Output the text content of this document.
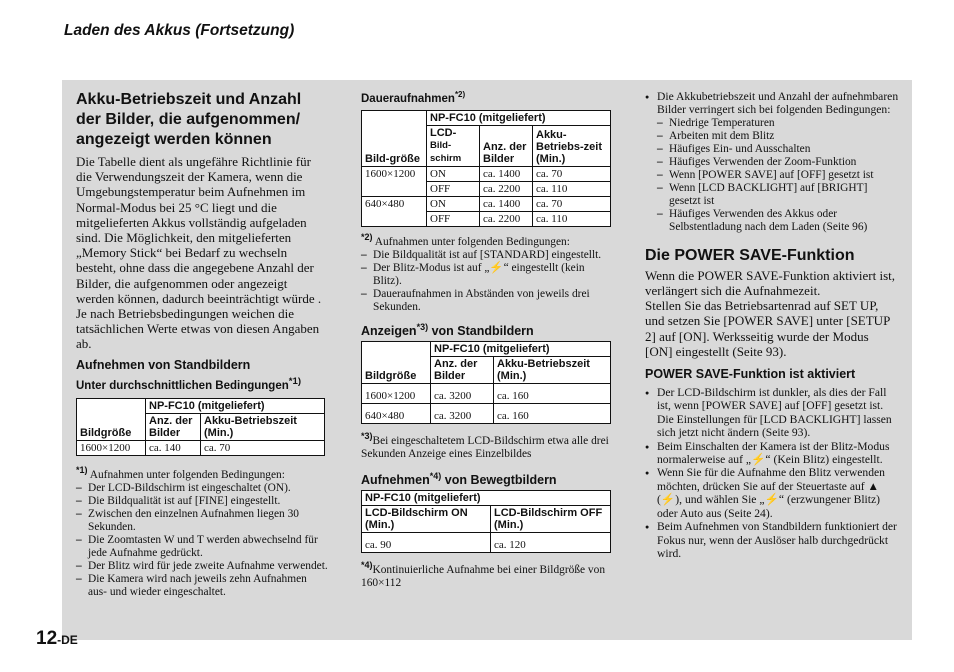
Laden des Akkus (Fortsetzung)
Akku-Betriebszeit und Anzahl der Bilder, die aufgenommen/ angezeigt werden können

Die Tabelle dient als ungefähre Richtlinie für die Verwendungszeit der Kamera, wenn die Umgebungstemperatur beim Aufnehmen im Normal-Modus bei 25 °C liegt und die mitgelieferten Akkus vollständig aufgeladen sind. Die Möglichkeit, den mitgelieferten „Memory Stick“ bei Bedarf zu wechseln besteht, ohne dass die angegebene Anzahl der Bilder, die aufgenommen oder angezeigt werden können, dadurch beeinträchtigt würde . Je nach Betriebsbedingungen weichen die tatsächlichen Werte etwas von diesen Angaben ab.

Aufnehmen von Standbildern
Unter durchschnittlichen Bedingungen$^{*1)}$
Bildgröße	NP-FC10 (mitgeliefert)	
	Anz. der Bilder	Akku-Betriebszeit (Min.)
1600×1200	ca. 140	ca. 70

$^{*1)}$ Aufnahmen unter folgenden Bedingungen:

– Der LCD-Bildschirm ist eingeschaltet (ON).
– Die Bildqualität ist auf [FINE] eingestellt.
– Zwischen den einzelnen Aufnahmen liegen 30 Sekunden.
– Die Zoomtasten W und T werden abwechselnd für jede Aufnahme gedrückt.
– Der Blitz wird für jede zweite Aufnahme verwendet.
– Die Kamera wird nach jeweils zehn Aufnahmen aus- und wieder eingeschaltet.
Daueraufnahmen$^{*2)}$
Bild-größe	NP-FC10 (mitgeliefert)		
	LCD-
Bild-schirm	Anz. der Bilder	Akku-Betriebs-zeit (Min.)
1600×1200	ON	ca. 1400	ca. 70
	OFF	ca. 2200	ca. 110
640×480	ON	ca. 1400	ca. 70
	OFF	ca. 2200	ca. 110

$^{*2)}$ Aufnahmen unter folgenden Bedingungen:

– Die Bildqualität ist auf [STANDARD] eingestellt.
– Der Blitz-Modus ist auf „⚡“ eingestellt (kein Blitz).
– Daueraufnahmen in Abständen von jeweils drei Sekunden.
Anzeigen$^{*3)}$ von Standbildern
Bildgröße	NP-FC10 (mitgeliefert)	
	Anz. der Bilder	Akku-Betriebszeit (Min.)
1600×1200	ca. 3200	ca. 160
640×480	ca. 3200	ca. 160

$^{*3)}$Bei eingeschaltetem LCD-Bildschirm etwa alle drei Sekunden Anzeige eines Einzelbildes

Aufnehmen$^{*4)}$ von Bewegtbildern
NP-FC10 (mitgeliefert)	
LCD-Bildschirm ON (Min.)	LCD-Bildschirm OFF (Min.)
ca. 90	ca. 120

$^{*4)}$Kontinuierliche Aufnahme bei einer Bildgröße von 160×112

● Die Akkubetriebszeit und Anzahl der aufnehmbaren Bilder verringert sich bei folgenden Bedingungen:
– Niedrige Temperaturen
– Arbeiten mit dem Blitz
– Häufiges Ein- und Ausschalten
– Häufiges Verwenden der Zoom-Funktion
– Wenn [POWER SAVE] auf [OFF] gesetzt ist
– Wenn [LCD BACKLIGHT] auf [BRIGHT] gesetzt ist
– Häufiges Verwenden des Akkus oder Selbstentladung nach dem Laden (Seite 96)
Die POWER SAVE-Funktion

Wenn die POWER SAVE-Funktion aktiviert ist, verlängert sich die Aufnahmezeit.

Stellen Sie das Betriebsartenrad auf SET UP, und setzen Sie [POWER SAVE] unter [SETUP 2] auf [ON]. Werksseitig wurde der Modus [ON] eingestellt (Seite 93).

POWER SAVE-Funktion ist aktiviert
● Der LCD-Bildschirm ist dunkler, als dies der Fall ist, wenn [POWER SAVE] auf [OFF] gesetzt ist. Die Einstellungen für [LCD BACKLIGHT] lassen sich jetzt nicht ändern (Seite 93).
● Beim Einschalten der Kamera ist der Blitz-Modus normalerweise auf „⚡“ (Kein Blitz) eingestellt.
● Wenn Sie für die Aufnahme den Blitz verwenden möchten, drücken Sie auf der Steuertaste auf ▲ (⚡), und wählen Sie „⚡“ (erzwungener Blitz) oder Auto aus (Seite 24).
● Beim Aufnehmen von Standbildern funktioniert der Fokus nur, wenn der Auslöser halb durchgedrückt wird.
12-DE
